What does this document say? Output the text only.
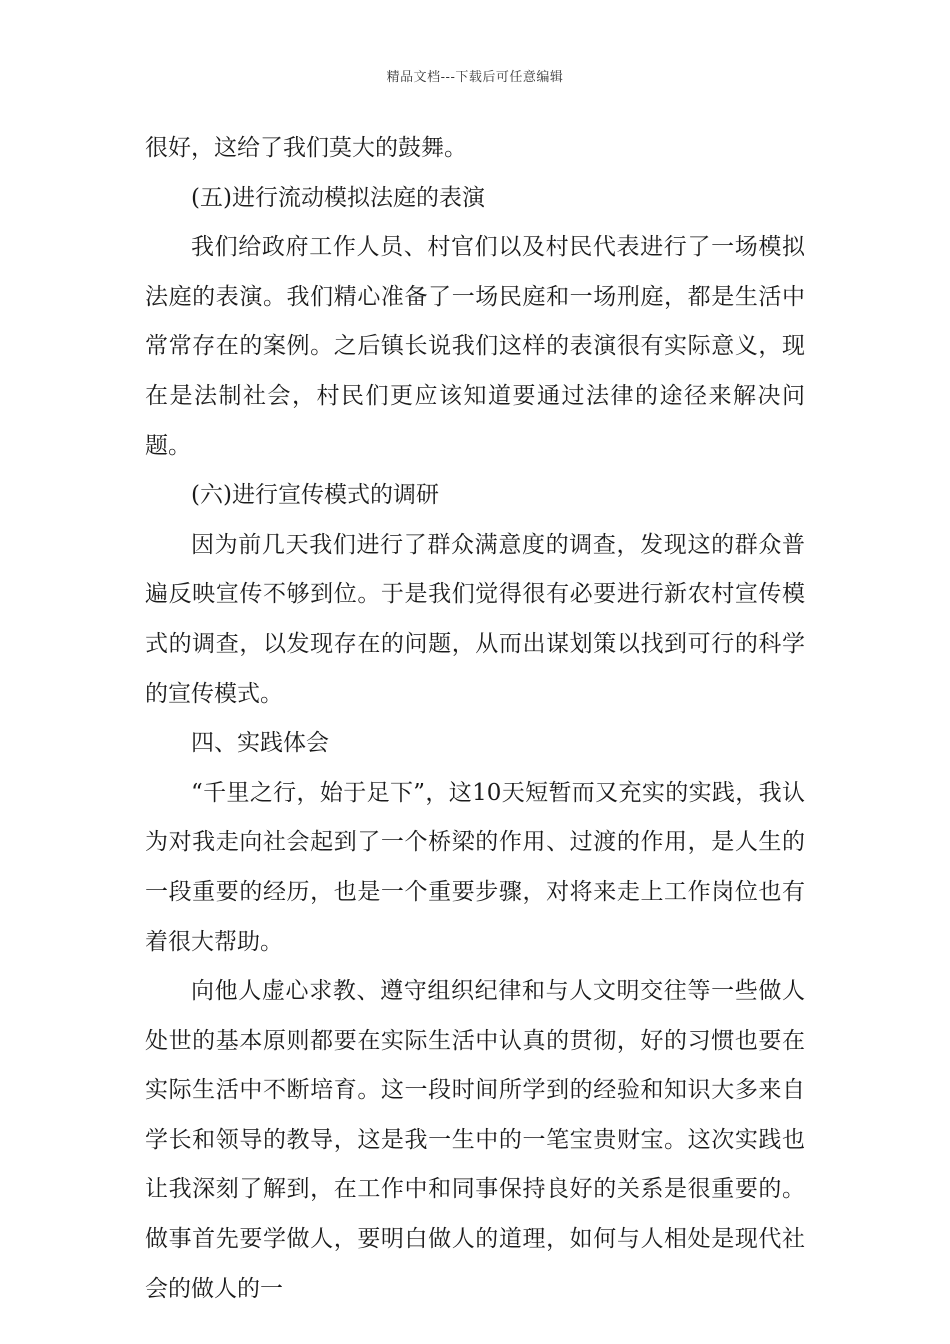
精品文档---下载后可任意编辑

很好，这给了我们莫大的鼓舞。

(五)进行流动模拟法庭的表演

我们给政府工作人员、村官们以及村民代表进行了一场模拟法庭的表演。我们精心准备了一场民庭和一场刑庭，都是生活中常常存在的案例。之后镇长说我们这样的表演很有实际意义，现在是法制社会，村民们更应该知道要通过法律的途径来解决问题。

(六)进行宣传模式的调研

因为前几天我们进行了群众满意度的调查，发现这的群众普遍反映宣传不够到位。于是我们觉得很有必要进行新农村宣传模式的调查，以发现存在的问题，从而出谋划策以找到可行的科学的宣传模式。

四、实践体会

“千里之行，始于足下”，这10天短暂而又充实的实践，我认为对我走向社会起到了一个桥梁的作用、过渡的作用，是人生的一段重要的经历，也是一个重要步骤，对将来走上工作岗位也有着很大帮助。

向他人虚心求教、遵守组织纪律和与人文明交往等一些做人处世的基本原则都要在实际生活中认真的贯彻，好的习惯也要在实际生活中不断培育。这一段时间所学到的经验和知识大多来自学长和领导的教导，这是我一生中的一笔宝贵财宝。这次实践也让我深刻了解到，在工作中和同事保持良好的关系是很重要的。做事首先要学做人，要明白做人的道理，如何与人相处是现代社会的做人的一
